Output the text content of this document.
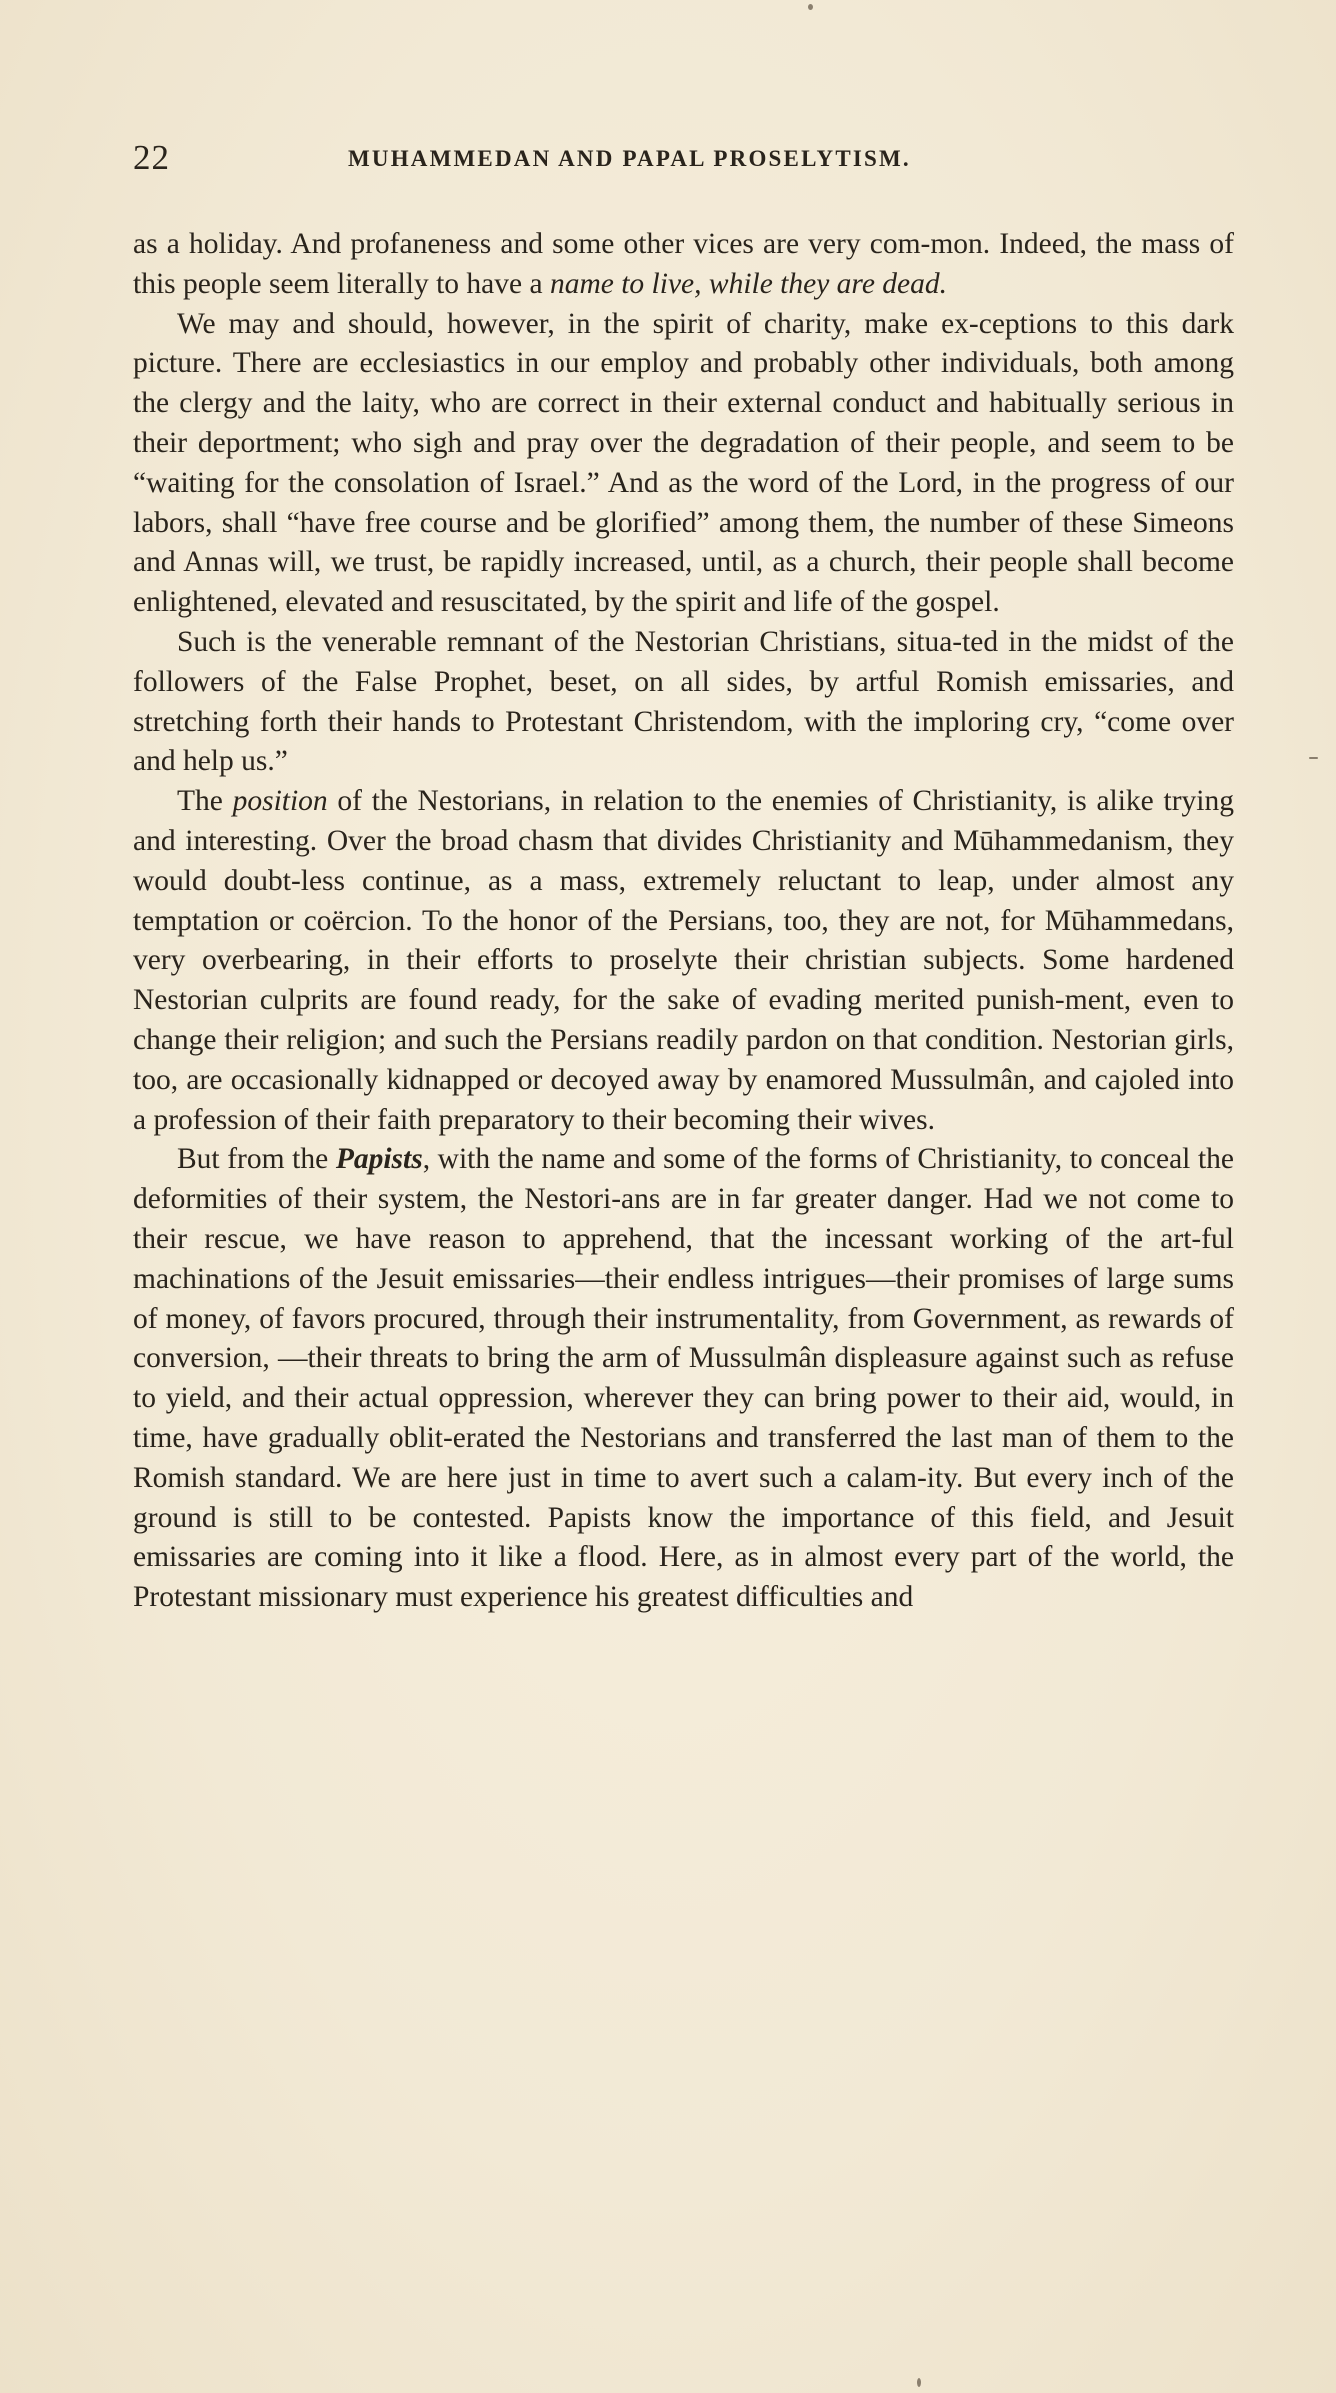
22	MUHAMMEDAN AND PAPAL PROSELYTISM.

as a holiday. And profaneness and some other vices are very com-mon. Indeed, the mass of this people seem literally to have a name to live, while they are dead.

We may and should, however, in the spirit of charity, make ex-ceptions to this dark picture. There are ecclesiastics in our employ and probably other individuals, both among the clergy and the laity, who are correct in their external conduct and habitually serious in their deportment; who sigh and pray over the degradation of their people, and seem to be “waiting for the consolation of Israel.” And as the word of the Lord, in the progress of our labors, shall “have free course and be glorified” among them, the number of these Simeons and Annas will, we trust, be rapidly increased, until, as a church, their people shall become enlightened, elevated and resuscitated, by the spirit and life of the gospel.

Such is the venerable remnant of the Nestorian Christians, situa-ted in the midst of the followers of the False Prophet, beset, on all sides, by artful Romish emissaries, and stretching forth their hands to Protestant Christendom, with the imploring cry, “come over and help us.”

The position of the Nestorians, in relation to the enemies of Christianity, is alike trying and interesting. Over the broad chasm that divides Christianity and Mūhammedanism, they would doubt-less continue, as a mass, extremely reluctant to leap, under almost any temptation or coërcion. To the honor of the Persians, too, they are not, for Mūhammedans, very overbearing, in their efforts to proselyte their christian subjects. Some hardened Nestorian culprits are found ready, for the sake of evading merited punish-ment, even to change their religion; and such the Persians readily pardon on that condition. Nestorian girls, too, are occasionally kidnapped or decoyed away by enamored Mussulmân, and cajoled into a profession of their faith preparatory to their becoming their wives.

But from the Papists, with the name and some of the forms of Christianity, to conceal the deformities of their system, the Nestori-ans are in far greater danger. Had we not come to their rescue, we have reason to apprehend, that the incessant working of the art-ful machinations of the Jesuit emissaries—their endless intrigues—their promises of large sums of money, of favors procured, through their instrumentality, from Government, as rewards of conversion, —their threats to bring the arm of Mussulmân displeasure against such as refuse to yield, and their actual oppression, wherever they can bring power to their aid, would, in time, have gradually oblit-erated the Nestorians and transferred the last man of them to the Romish standard. We are here just in time to avert such a calam-ity. But every inch of the ground is still to be contested. Papists know the importance of this field, and Jesuit emissaries are coming into it like a flood. Here, as in almost every part of the world, the Protestant missionary must experience his greatest difficulties and
